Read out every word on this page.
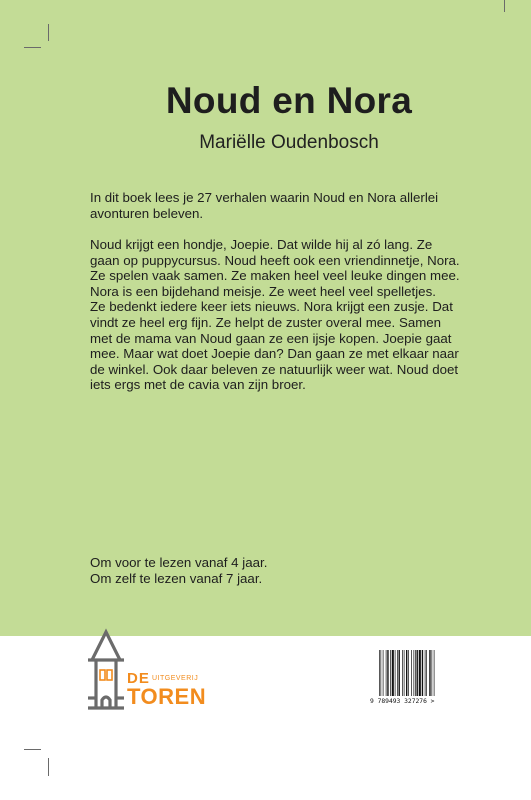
Noud en Nora
Mariëlle Oudenbosch
In dit boek lees je 27 verhalen waarin Noud en Nora allerlei
avonturen beleven.
Noud krijgt een hondje, Joepie. Dat wilde hij al zó lang. Ze
gaan op puppycursus. Noud heeft ook een vriendinnetje, Nora.
Ze spelen vaak samen. Ze maken heel veel leuke dingen mee.
Nora is een bijdehand meisje. Ze weet heel veel spelletjes.
Ze bedenkt iedere keer iets nieuws. Nora krijgt een zusje. Dat
vindt ze heel erg fijn. Ze helpt de zuster overal mee. Samen
met de mama van Noud gaan ze een ijsje kopen. Joepie gaat
mee. Maar wat doet Joepie dan? Dan gaan ze met elkaar naar
de winkel. Ook daar beleven ze natuurlijk weer wat. Noud doet
iets ergs met de cavia van zijn broer.
Om voor te lezen vanaf 4 jaar.
Om zelf te lezen vanaf 7 jaar.
DE UITGEVERIJ
TOREN	9 789493 327276 >
